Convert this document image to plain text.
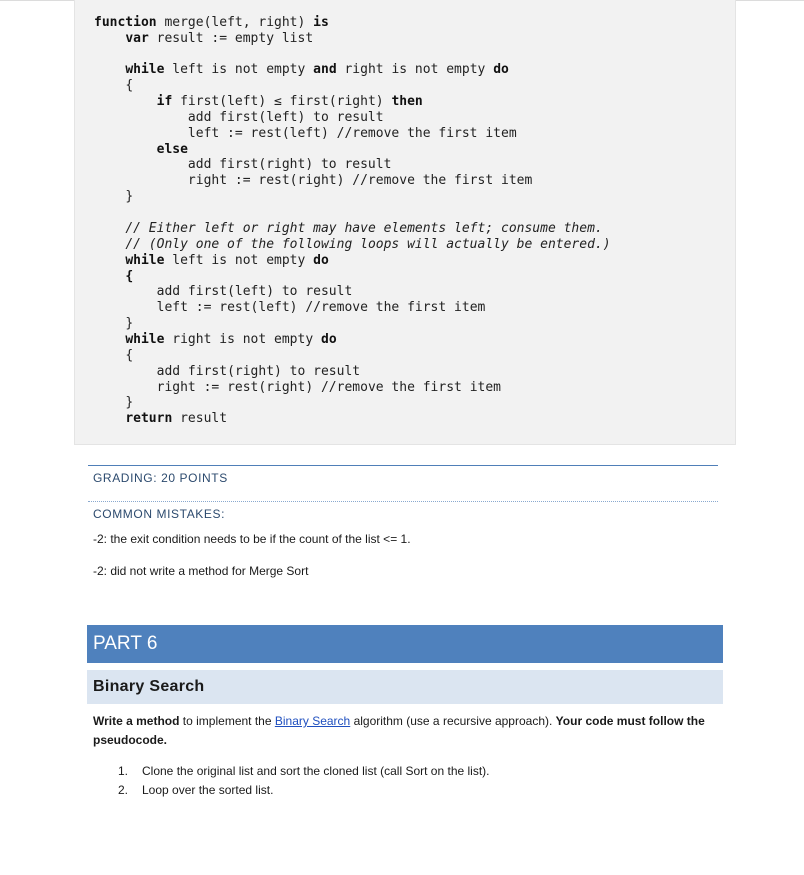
function merge(left, right) is
var result := empty list
while left is not empty and right is not empty do
{
if first(left) ≤ first(right) then
add first(left) to result
left := rest(left) //remove the first item
else
add first(right) to result
right := rest(right) //remove the first item
}
// Either left or right may have elements left; consume them.
// (Only one of the following loops will actually be entered.)
while left is not empty do
{
add first(left) to result
left := rest(left) //remove the first item
}
while right is not empty do
{
add first(right) to result
right := rest(right) //remove the first item
}
return result
GRADING: 20 POINTS
COMMON MISTAKES:
-2: the exit condition needs to be if the count of the list <= 1.
-2: did not write a method for Merge Sort
PART 6
Binary Search
Write a method to implement the Binary Search algorithm (use a recursive approach). Your code must follow the pseudocode.
1. Clone the original list and sort the cloned list (call Sort on the list).
2. Loop over the sorted list.
